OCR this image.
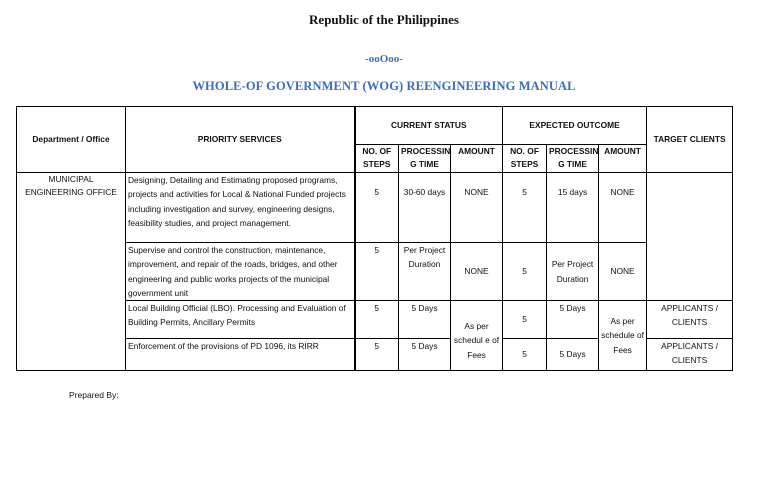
Republic of the Philippines
-ooOoo-
WHOLE-OF GOVERNMENT (WOG) REENGINEERING MANUAL
Department / Office	PRIORITY SERVICES	CURRENT STATUS			EXPECTED OUTCOME			TARGET CLIENTS
		NO. OF STEPS	PROCESSIN G TIME	AMOUNT	NO. OF STEPS	PROCESSIN G TIME	AMOUNT	
MUNICIPAL ENGINEERING OFFICE	Designing, Detailing and Estimating proposed programs, projects and activities for Local & National Funded projects including investigation and survey, engineering designs, feasibility studies, and project management.	5	30-60 days	NONE	5	15 days	NONE	
	Supervise and control the construction, maintenance, improvement, and repair of the roads, bridges, and other engineering and public works projects of the municipal government unit	5	Per Project Duration	NONE	5	Per Project Duration	NONE	
	Local Building Official (LBO). Processing and Evaluation of Building Permits, Ancillary Permits	5	5 Days	As per schedul e of Fees	5	5 Days	As per schedule of Fees	APPLICANTS / CLIENTS
	Enforcement of the provisions of PD 1096, its RIRR	5	5 Days		5	5 Days		APPLICANTS / CLIENTS
Prepared By:
